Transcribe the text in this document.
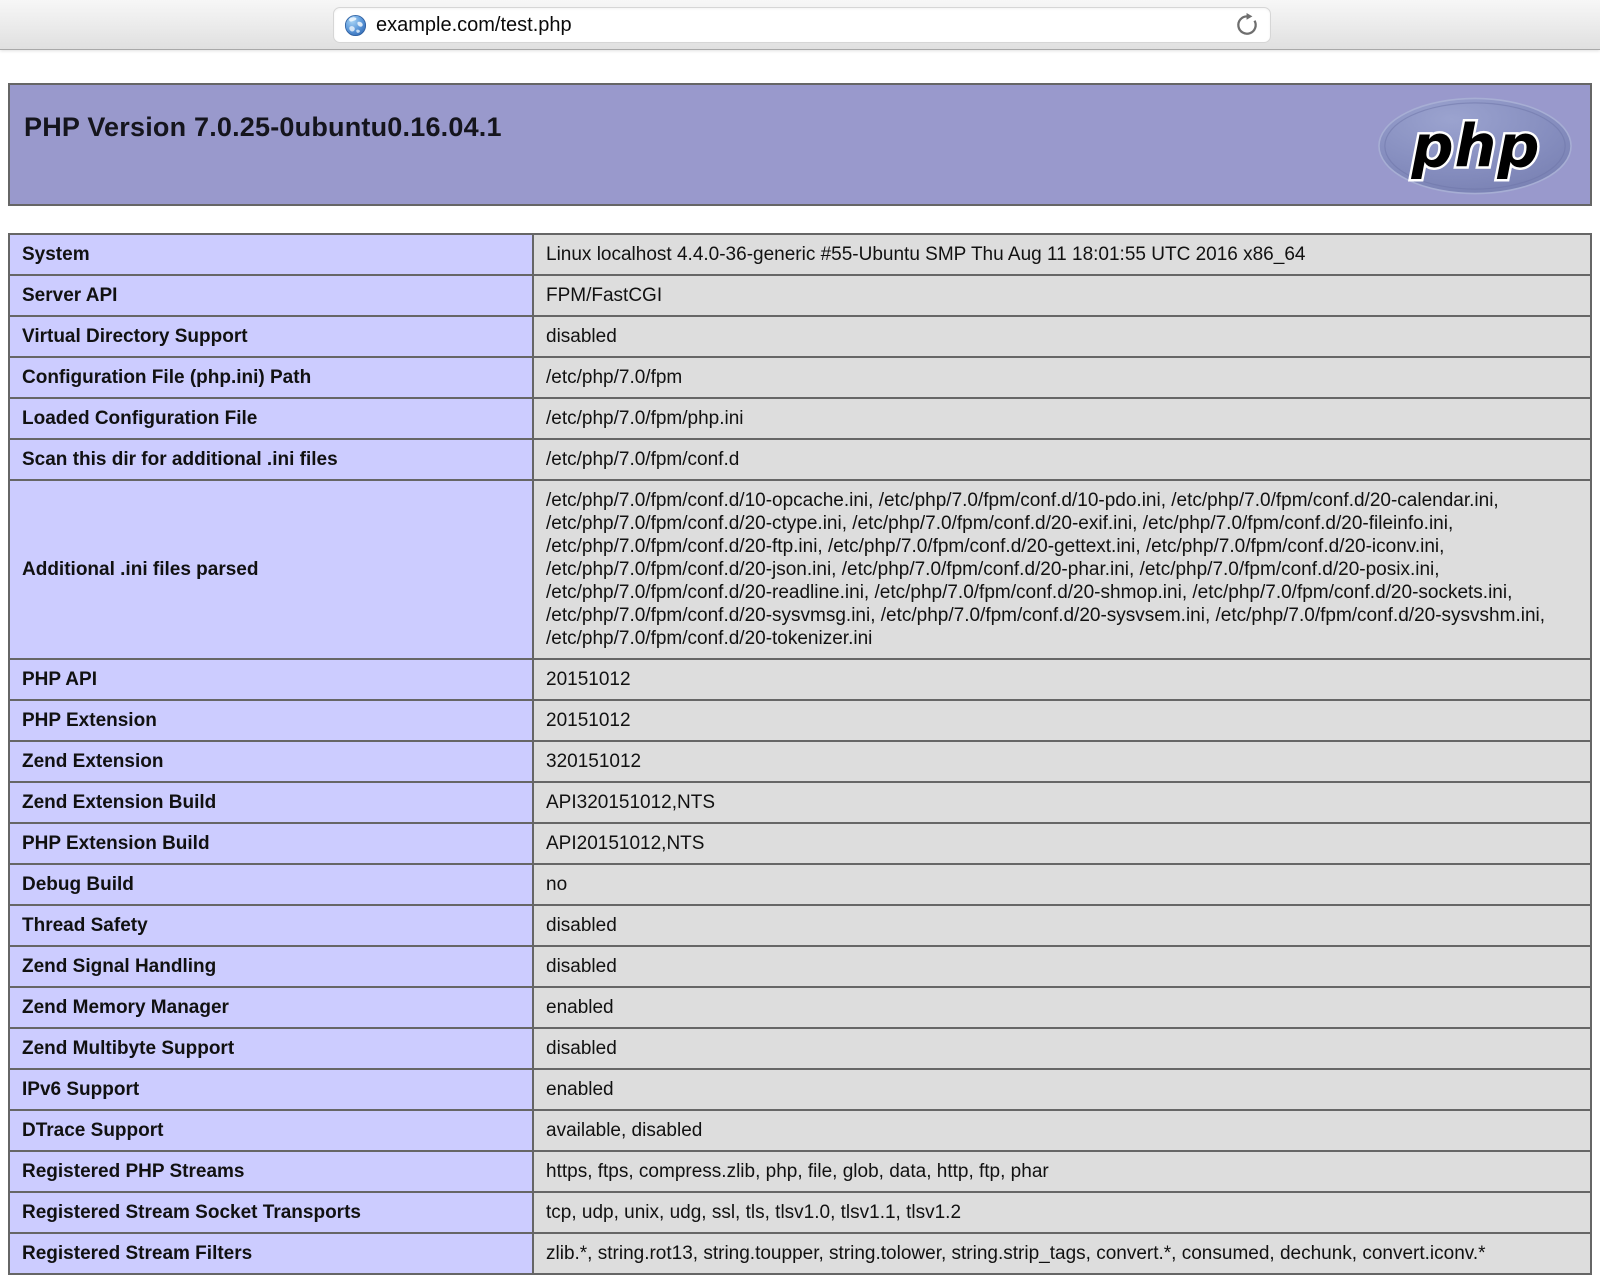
example.com/test.php
PHP Version 7.0.25-0ubuntu0.16.04.1	php
System	Linux localhost 4.4.0-36-generic #55-Ubuntu SMP Thu Aug 11 18:01:55 UTC 2016 x86_64
Server API	FPM/FastCGI
Virtual Directory Support	disabled
Configuration File (php.ini) Path	/etc/php/7.0/fpm
Loaded Configuration File	/etc/php/7.0/fpm/php.ini
Scan this dir for additional .ini files	/etc/php/7.0/fpm/conf.d
Additional .ini files parsed	/etc/php/7.0/fpm/conf.d/10-opcache.ini, /etc/php/7.0/fpm/conf.d/10-pdo.ini, /etc/php/7.0/fpm/conf.d/20-calendar.ini, /etc/php/7.0/fpm/conf.d/20-ctype.ini, /etc/php/7.0/fpm/conf.d/20-exif.ini, /etc/php/7.0/fpm/conf.d/20-fileinfo.ini, /etc/php/7.0/fpm/conf.d/20-ftp.ini, /etc/php/7.0/fpm/conf.d/20-gettext.ini, /etc/php/7.0/fpm/conf.d/20-iconv.ini, /etc/php/7.0/fpm/conf.d/20-json.ini, /etc/php/7.0/fpm/conf.d/20-phar.ini, /etc/php/7.0/fpm/conf.d/20-posix.ini, /etc/php/7.0/fpm/conf.d/20-readline.ini, /etc/php/7.0/fpm/conf.d/20-shmop.ini, /etc/php/7.0/fpm/conf.d/20-sockets.ini, /etc/php/7.0/fpm/conf.d/20-sysvmsg.ini, /etc/php/7.0/fpm/conf.d/20-sysvsem.ini, /etc/php/7.0/fpm/conf.d/20-sysvshm.ini, /etc/php/7.0/fpm/conf.d/20-tokenizer.ini
PHP API	20151012
PHP Extension	20151012
Zend Extension	320151012
Zend Extension Build	API320151012,NTS
PHP Extension Build	API20151012,NTS
Debug Build	no
Thread Safety	disabled
Zend Signal Handling	disabled
Zend Memory Manager	enabled
Zend Multibyte Support	disabled
IPv6 Support	enabled
DTrace Support	available, disabled
Registered PHP Streams	https, ftps, compress.zlib, php, file, glob, data, http, ftp, phar
Registered Stream Socket Transports	tcp, udp, unix, udg, ssl, tls, tlsv1.0, tlsv1.1, tlsv1.2
Registered Stream Filters	zlib.*, string.rot13, string.toupper, string.tolower, string.strip_tags, convert.*, consumed, dechunk, convert.iconv.*
